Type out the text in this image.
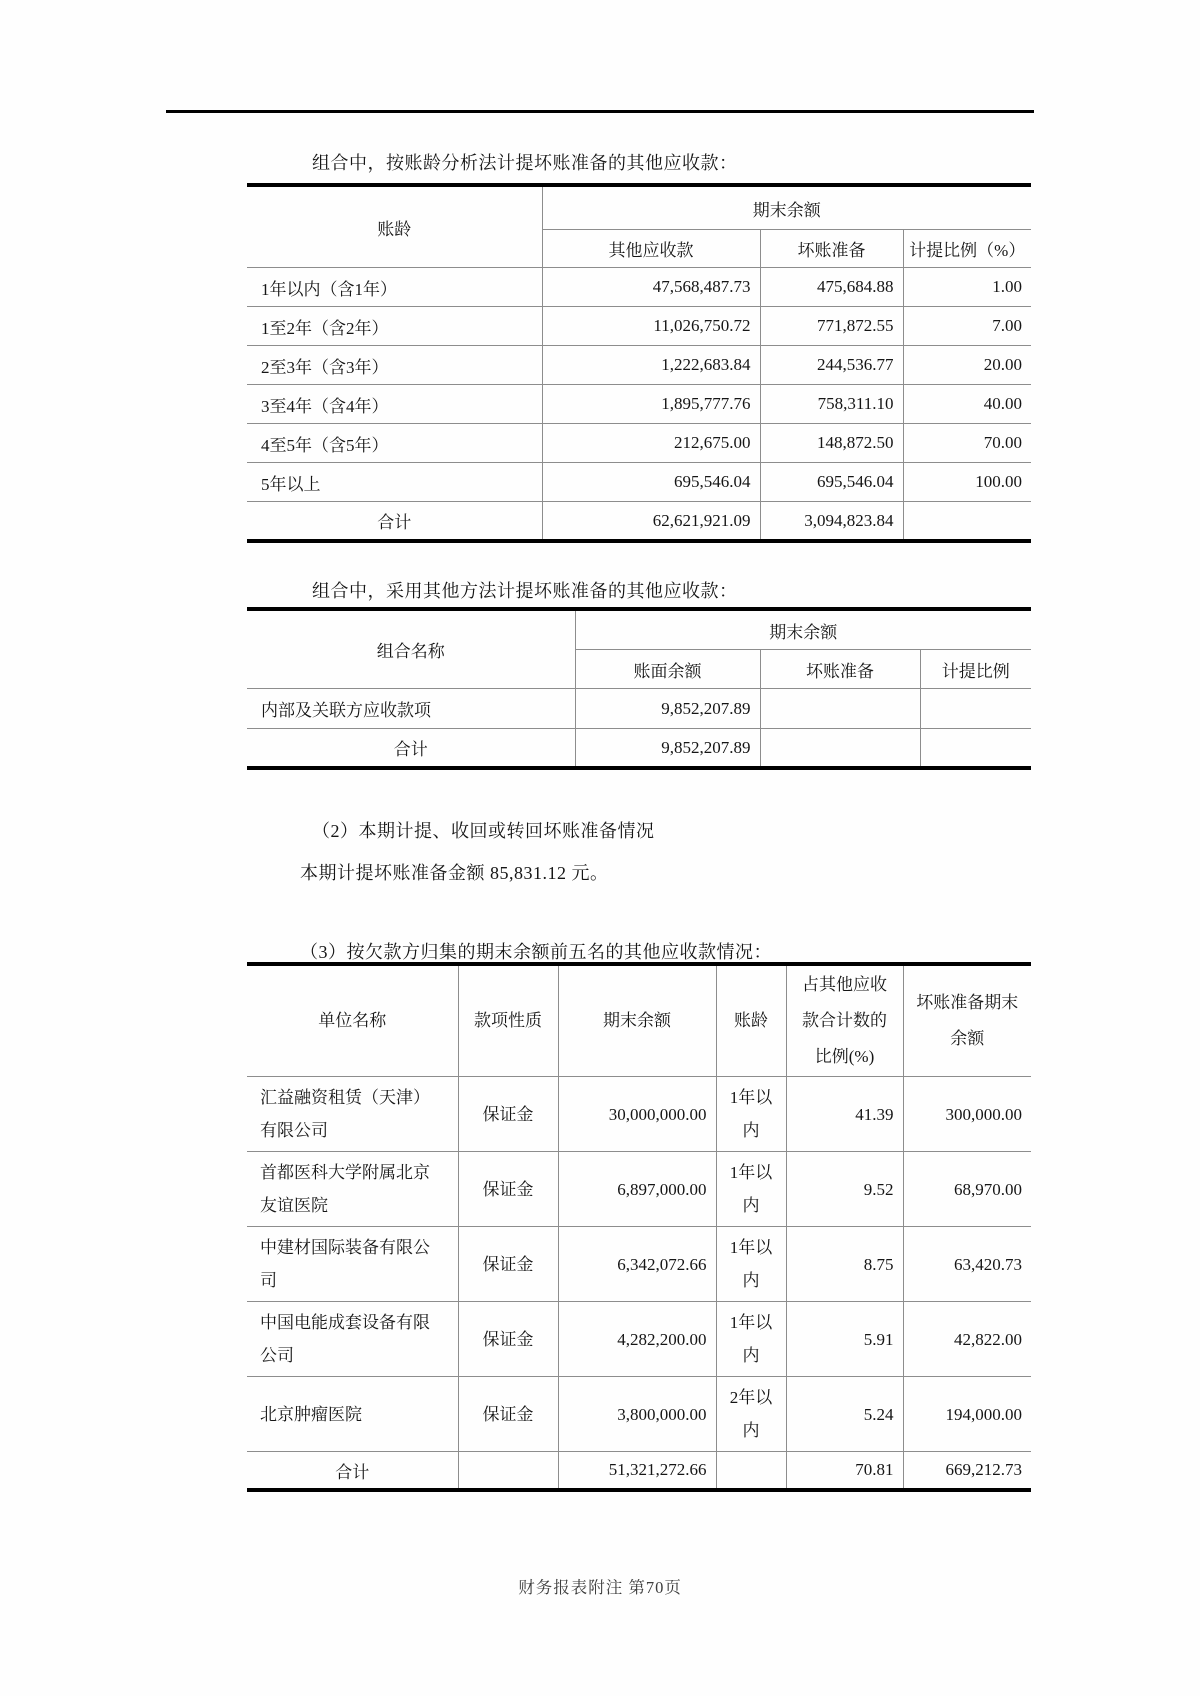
组合中，按账龄分析法计提坏账准备的其他应收款：
账龄	期末余额		
	其他应收款	坏账准备	计提比例（%）
1年以内（含1年）	47,568,487.73	475,684.88	1.00
1至2年（含2年）	11,026,750.72	771,872.55	7.00
2至3年（含3年）	1,222,683.84	244,536.77	20.00
3至4年（含4年）	1,895,777.76	758,311.10	40.00
4至5年（含5年）	212,675.00	148,872.50	70.00
5年以上	695,546.04	695,546.04	100.00
合计	62,621,921.09	3,094,823.84	
组合中，采用其他方法计提坏账准备的其他应收款：
组合名称	期末余额		
	账面余额	坏账准备	计提比例
内部及关联方应收款项	9,852,207.89		
合计	9,852,207.89		
（2）本期计提、收回或转回坏账准备情况
本期计提坏账准备金额 85,831.12 元。
（3）按欠款方归集的期末余额前五名的其他应收款情况：
单位名称	款项性质	期末余额	账龄	占其他应收款合计数的比例(%)	坏账准备期末余额
汇益融资租赁（天津）有限公司	保证金	30,000,000.00	1年以内	41.39	300,000.00
首都医科大学附属北京友谊医院	保证金	6,897,000.00	1年以内	9.52	68,970.00
中建材国际装备有限公司	保证金	6,342,072.66	1年以内	8.75	63,420.73
中国电能成套设备有限公司	保证金	4,282,200.00	1年以内	5.91	42,822.00
北京肿瘤医院	保证金	3,800,000.00	2年以内	5.24	194,000.00
合计		51,321,272.66		70.81	669,212.73
财务报表附注 第70页
